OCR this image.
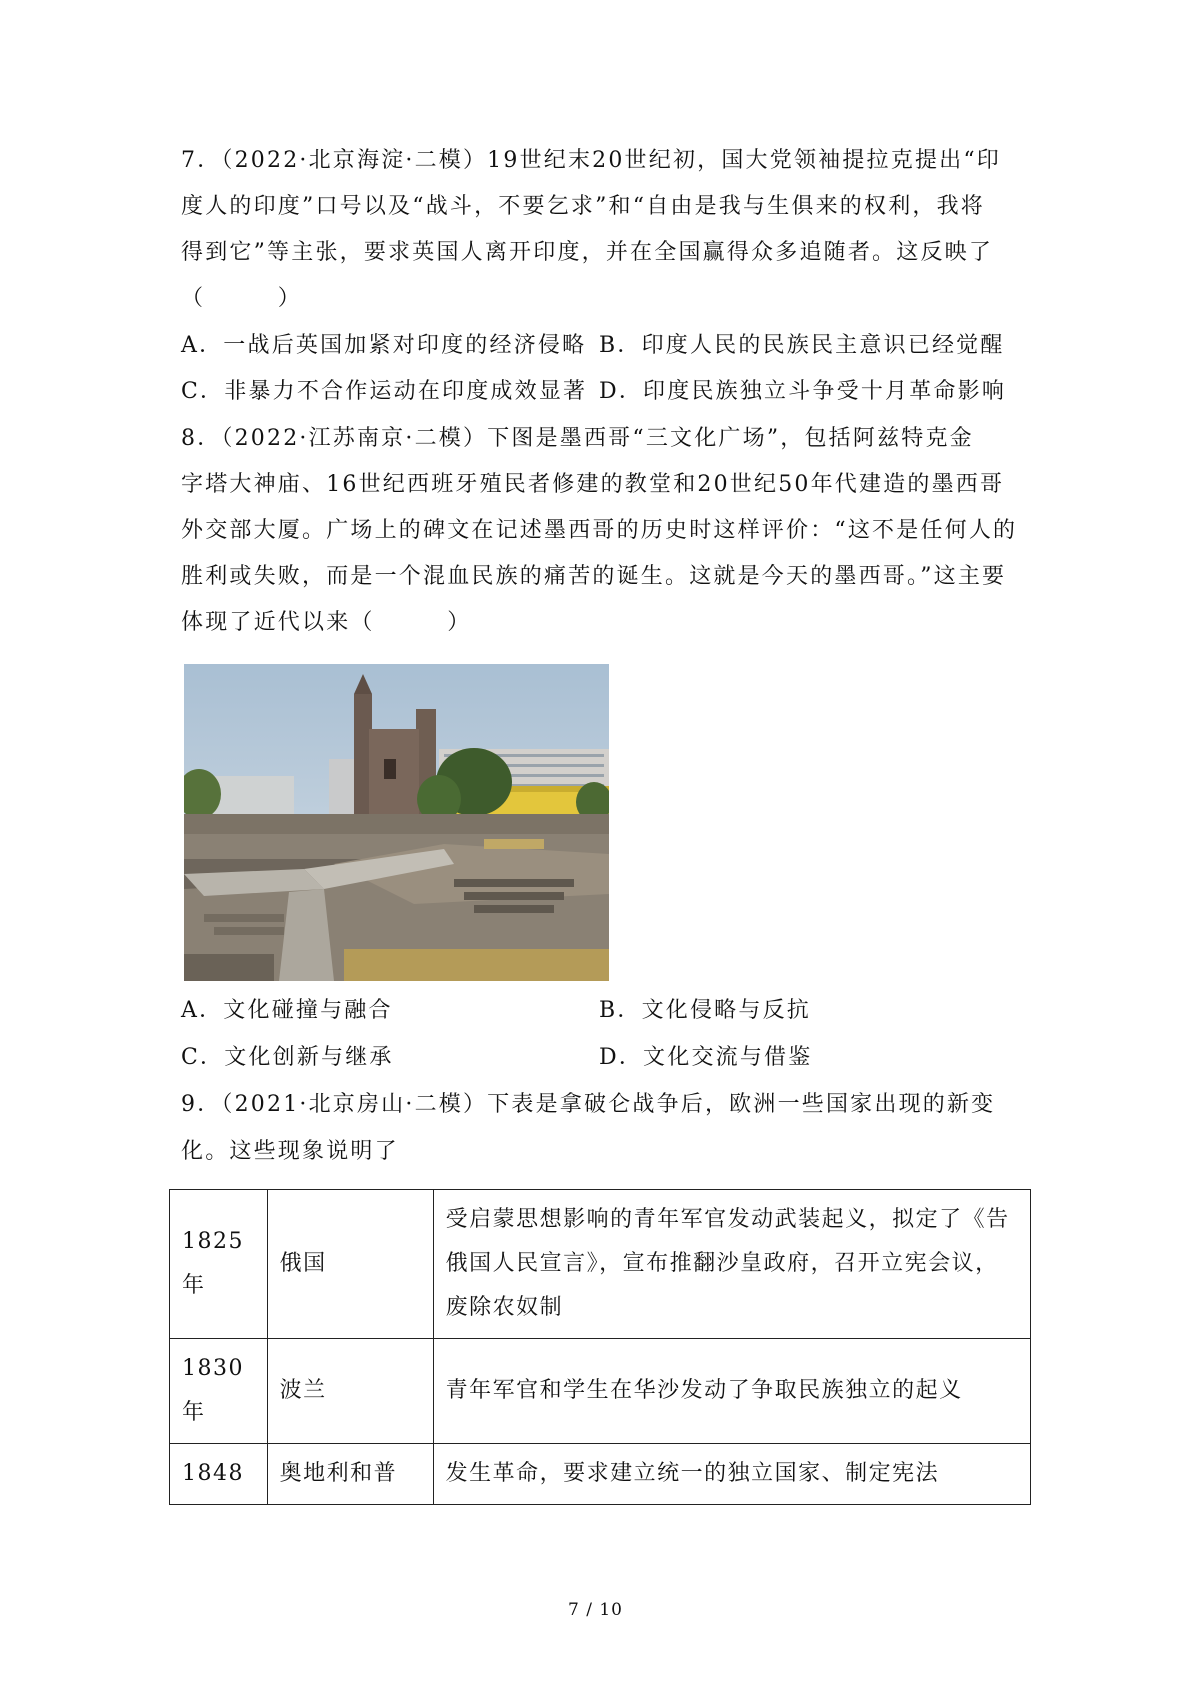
7．（2022·北京海淀·二模）19世纪末20世纪初，国大党领袖提拉克提出“印
度人的印度”口号以及“战斗，不要乞求”和“自由是我与生俱来的权利，我将
得到它”等主张，要求英国人离开印度，并在全国赢得众多追随者。这反映了
（　　　）
A．一战后英国加紧对印度的经济侵略 B．印度人民的民族民主意识已经觉醒
C．非暴力不合作运动在印度成效显著 D．印度民族独立斗争受十月革命影响
8．（2022·江苏南京·二模）下图是墨西哥“三文化广场”，包括阿兹特克金
字塔大神庙、16世纪西班牙殖民者修建的教堂和20世纪50年代建造的墨西哥
外交部大厦。广场上的碑文在记述墨西哥的历史时这样评价：“这不是任何人的
胜利或失败，而是一个混血民族的痛苦的诞生。这就是今天的墨西哥。”这主要
体现了近代以来（　　　）
A．文化碰撞与融合	B．文化侵略与反抗
C．文化创新与继承	D．文化交流与借鉴
9．（2021·北京房山·二模）下表是拿破仑战争后，欧洲一些国家出现的新变
化。这些现象说明了
1825年	俄国	受启蒙思想影响的青年军官发动武装起义，拟定了《告俄国人民宣言》，宣布推翻沙皇政府，召开立宪会议，废除农奴制
1830年	波兰	青年军官和学生在华沙发动了争取民族独立的起义
1848	奥地利和普	发生革命，要求建立统一的独立国家、制定宪法
7 / 10
